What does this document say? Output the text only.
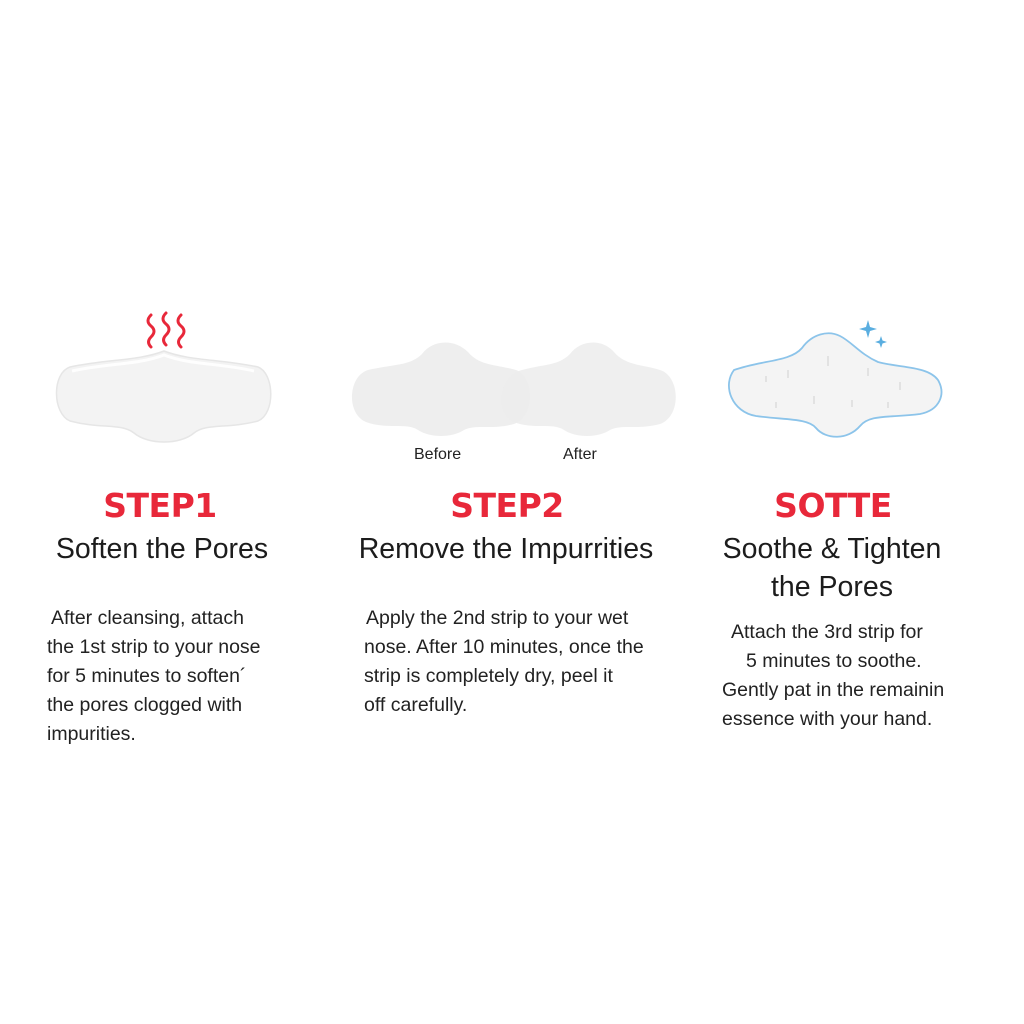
Before	After
STEP1	STEP2	SOTTE
Soften the Pores	Remove the Impurrities	Soothe & Tighten
the Pores
After cleansing, attach
the 1st strip to your nose
for 5 minutes to soften´
the pores clogged with
impurities.
Apply the 2nd strip to your wet
nose. After 10 minutes, once the
strip is completely dry, peel it
off carefully.
Attach the 3rd strip for
5 minutes to soothe.
Gently pat in the remainin
essence with your hand.
